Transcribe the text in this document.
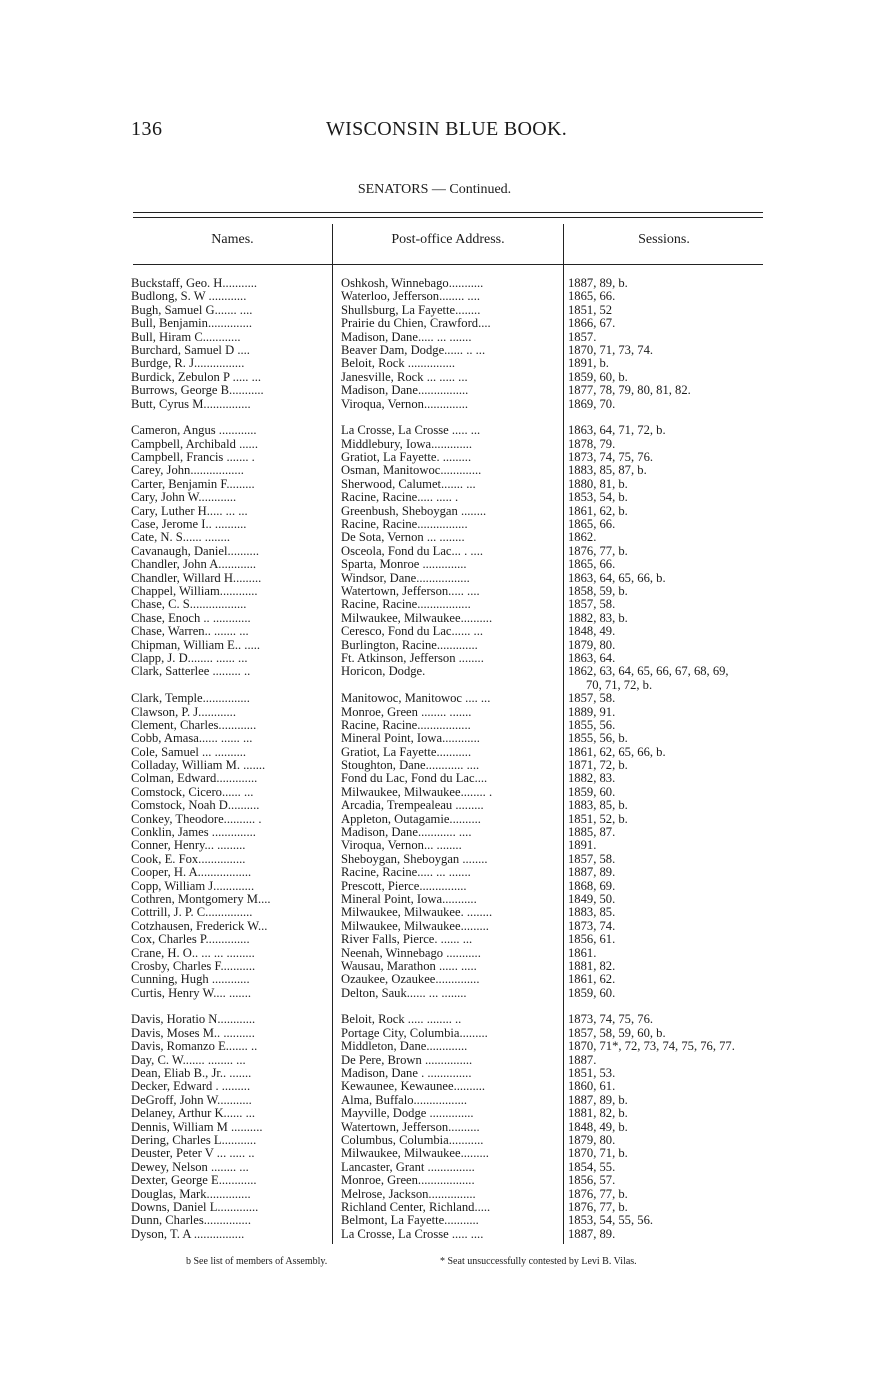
136	WISCONSIN BLUE BOOK.
SENATORS — Continued.
Names.	Post-office Address.	Sessions.
Buckstaff, Geo. H...........	Oshkosh, Winnebago...........	1887, 89, b.
Budlong, S. W ............	Waterloo, Jefferson........ ....	1865, 66.
Bugh, Samuel G....... ....	Shullsburg, La Fayette........	1851, 52
Bull, Benjamin..............	Prairie du Chien, Crawford....	1866, 67.
Bull, Hiram C............	Madison, Dane..... ... .......	1857.
Burchard, Samuel D ....	Beaver Dam, Dodge...... .. ...	1870, 71, 73, 74.
Burdge, R. J................	Beloit, Rock ...............	1891, b.
Burdick, Zebulon P ..... ...	Janesville, Rock ... ..... ...	1859, 60, b.
Burrows, George B...........	Madison, Dane................	1877, 78, 79, 80, 81, 82.
Butt, Cyrus M...............	Viroqua, Vernon..............	1869, 70.
Cameron, Angus ............	La Crosse, La Crosse ..... ...	1863, 64, 71, 72, b.
Campbell, Archibald ......	Middlebury, Iowa.............	1878, 79.
Campbell, Francis ....... .	Gratiot, La Fayette. .........	1873, 74, 75, 76.
Carey, John.................	Osman, Manitowoc.............	1883, 85, 87, b.
Carter, Benjamin F.........	Sherwood, Calumet....... ...	1880, 81, b.
Cary, John W............	Racine, Racine..... ..... .	1853, 54, b.
Cary, Luther H..... ... ...	Greenbush, Sheboygan ........	1861, 62, b.
Case, Jerome I.. ..........	Racine, Racine................	1865, 66.
Cate, N. S...... ........	De Sota, Vernon ... ........	1862.
Cavanaugh, Daniel..........	Osceola, Fond du Lac... . ....	1876, 77, b.
Chandler, John A............	Sparta, Monroe ..............	1865, 66.
Chandler, Willard H.........	Windsor, Dane.................	1863, 64, 65, 66, b.
Chappel, William............	Watertown, Jefferson..... ....	1858, 59, b.
Chase, C. S..................	Racine, Racine.................	1857, 58.
Chase, Enoch .. ............	Milwaukee, Milwaukee..........	1882, 83, b.
Chase, Warren.. ....... ...	Ceresco, Fond du Lac...... ...	1848, 49.
Chipman, William E.. .....	Burlington, Racine.............	1879, 80.
Clapp, J. D........ ...... ...	Ft. Atkinson, Jefferson ........	1863, 64.
Clark, Satterlee ......... ..	Horicon, Dodge.	1862, 63, 64, 65, 66, 67, 68, 69,
70, 71, 72, b.
Clark, Temple...............	Manitowoc, Manitowoc .... ...	1857, 58.
Clawson, P. J............	Monroe, Green ........ .......	1889, 91.
Clement, Charles............	Racine, Racine.................	1855, 56.
Cobb, Amasa...... ...... ...	Mineral Point, Iowa............	1855, 56, b.
Cole, Samuel ... ..........	Gratiot, La Fayette...........	1861, 62, 65, 66, b.
Colladay, William M. .......	Stoughton, Dane............ ....	1871, 72, b.
Colman, Edward.............	Fond du Lac, Fond du Lac....	1882, 83.
Comstock, Cicero...... ...	Milwaukee, Milwaukee........ .	1859, 60.
Comstock, Noah D..........	Arcadia, Trempealeau .........	1883, 85, b.
Conkey, Theodore.......... .	Appleton, Outagamie..........	1851, 52, b.
Conklin, James ..............	Madison, Dane............ ....	1885, 87.
Conner, Henry... .........	Viroqua, Vernon... ........	1891.
Cook, E. Fox...............	Sheboygan, Sheboygan ........	1857, 58.
Cooper, H. A.................	Racine, Racine..... ... .......	1887, 89.
Copp, William J.............	Prescott, Pierce...............	1868, 69.
Cothren, Montgomery M....	Mineral Point, Iowa...........	1849, 50.
Cottrill, J. P. C...............	Milwaukee, Milwaukee. ........	1883, 85.
Cotzhausen, Frederick W...	Milwaukee, Milwaukee.........	1873, 74.
Cox, Charles P..............	River Falls, Pierce. ...... ...	1856, 61.
Crane, H. O.. ... ... .........	Neenah, Winnebago ...........	1861.
Crosby, Charles F...........	Wausau, Marathon ...... .....	1881, 82.
Cunning, Hugh ............	Ozaukee, Ozaukee..............	1861, 62.
Curtis, Henry W.... .......	Delton, Sauk...... ... ........	1859, 60.
Davis, Horatio N............	Beloit, Rock ..... ........ ..	1873, 74, 75, 76.
Davis, Moses M.. ..........	Portage City, Columbia.........	1857, 58, 59, 60, b.
Davis, Romanzo E....... ..	Middleton, Dane.............	1870, 71*, 72, 73, 74, 75, 76, 77.
Day, C. W....... ........ ...	De Pere, Brown ...............	1887.
Dean, Eliab B., Jr.. .......	Madison, Dane . ..............	1851, 53.
Decker, Edward . .........	Kewaunee, Kewaunee..........	1860, 61.
DeGroff, John W...........	Alma, Buffalo.................	1887, 89, b.
Delaney, Arthur K...... ...	Mayville, Dodge ..............	1881, 82, b.
Dennis, William M ..........	Watertown, Jefferson..........	1848, 49, b.
Dering, Charles L...........	Columbus, Columbia...........	1879, 80.
Deuster, Peter V ... ..... ..	Milwaukee, Milwaukee.........	1870, 71, b.
Dewey, Nelson ........ ...	Lancaster, Grant ...............	1854, 55.
Dexter, George E............	Monroe, Green..................	1856, 57.
Douglas, Mark..............	Melrose, Jackson...............	1876, 77, b.
Downs, Daniel L.............	Richland Center, Richland.....	1876, 77, b.
Dunn, Charles...............	Belmont, La Fayette...........	1853, 54, 55, 56.
Dyson, T. A ................	La Crosse, La Crosse ..... ....	1887, 89.
b See list of members of Assembly.	* Seat unsuccessfully contested by Levi B. Vilas.
